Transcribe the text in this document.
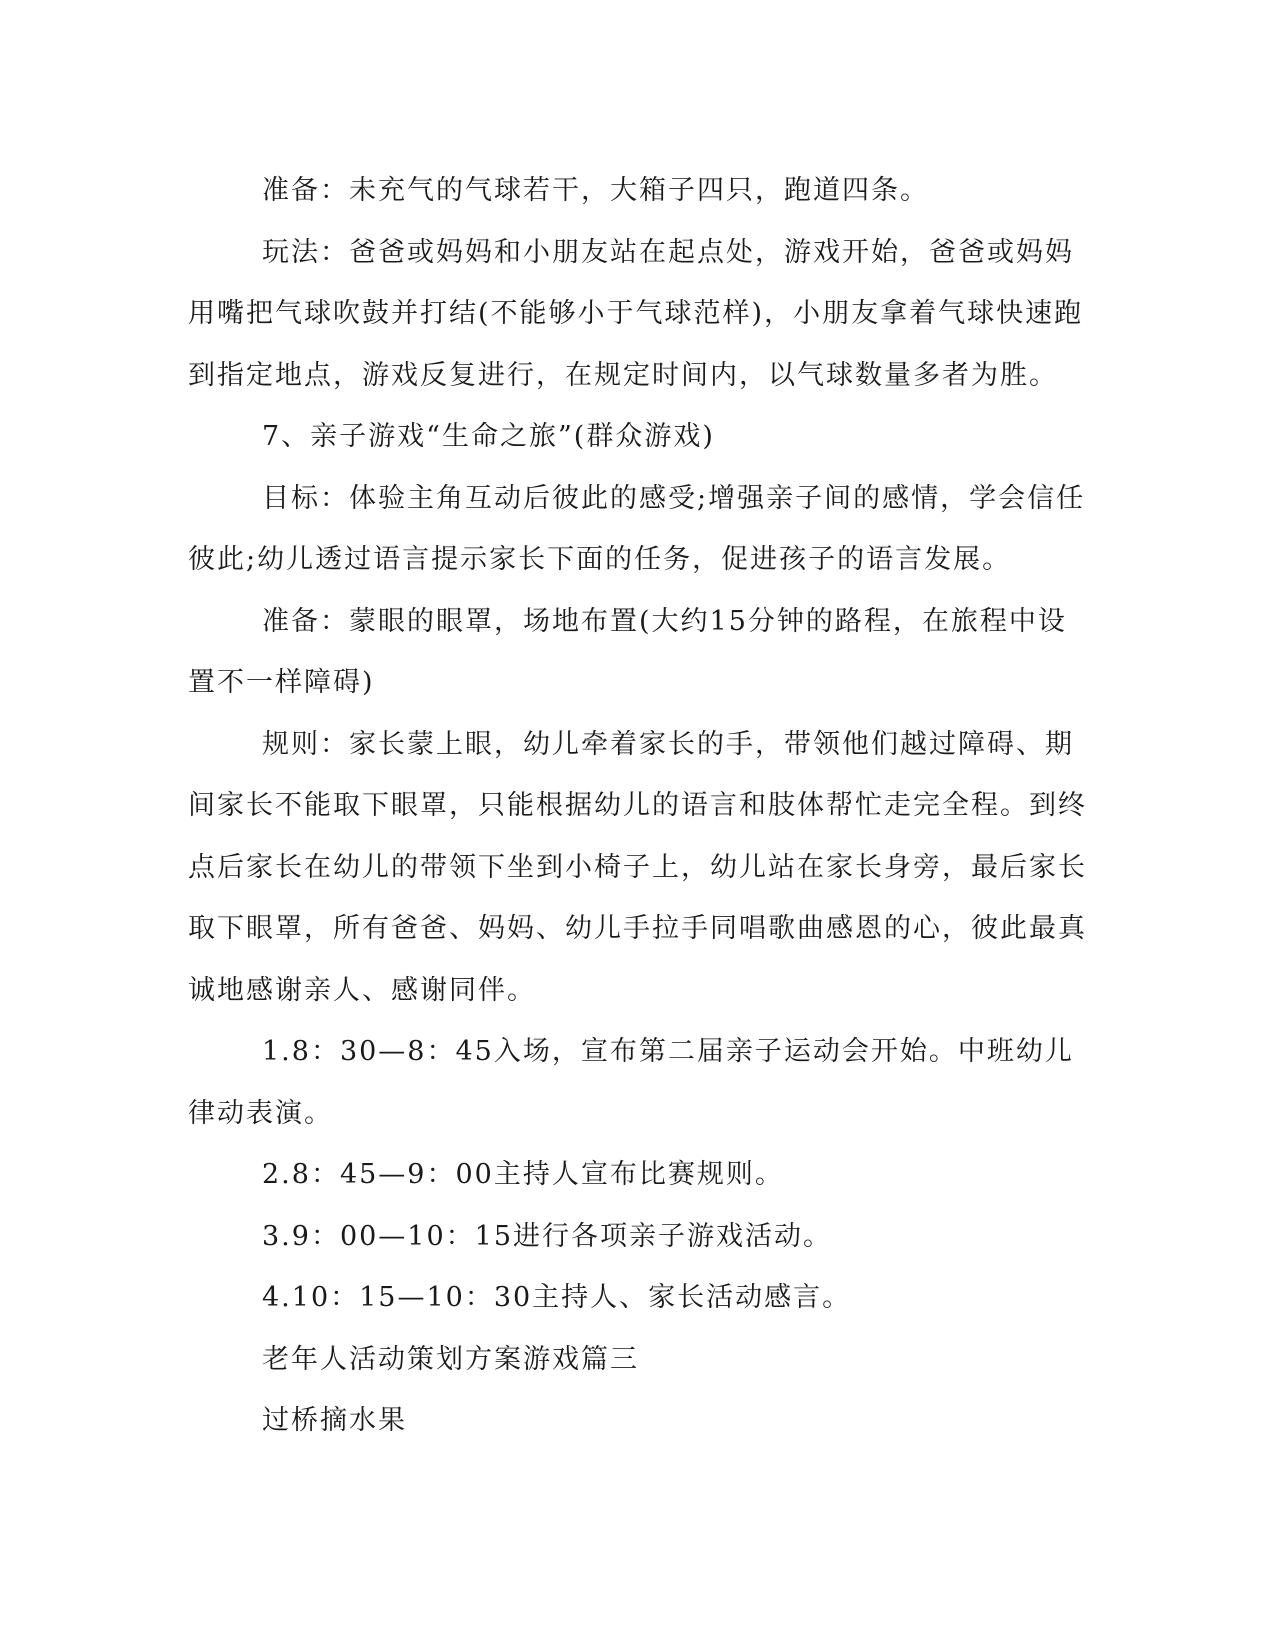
准备：未充气的气球若干，大箱子四只，跑道四条。

玩法：爸爸或妈妈和小朋友站在起点处，游戏开始，爸爸或妈妈用嘴把气球吹鼓并打结(不能够小于气球范样)，小朋友拿着气球快速跑到指定地点，游戏反复进行，在规定时间内，以气球数量多者为胜。

7、亲子游戏“生命之旅”(群众游戏)

目标：体验主角互动后彼此的感受;增强亲子间的感情，学会信任彼此;幼儿透过语言提示家长下面的任务，促进孩子的语言发展。

准备：蒙眼的眼罩，场地布置(大约15分钟的路程，在旅程中设置不一样障碍)

规则：家长蒙上眼，幼儿牵着家长的手，带领他们越过障碍、期间家长不能取下眼罩，只能根据幼儿的语言和肢体帮忙走完全程。到终点后家长在幼儿的带领下坐到小椅子上，幼儿站在家长身旁，最后家长取下眼罩，所有爸爸、妈妈、幼儿手拉手同唱歌曲感恩的心，彼此最真诚地感谢亲人、感谢同伴。

1.8：30—8：45入场，宣布第二届亲子运动会开始。中班幼儿律动表演。

2.8：45—9：00主持人宣布比赛规则。

3.9：00—10：15进行各项亲子游戏活动。

4.10：15—10：30主持人、家长活动感言。

老年人活动策划方案游戏篇三

过桥摘水果
